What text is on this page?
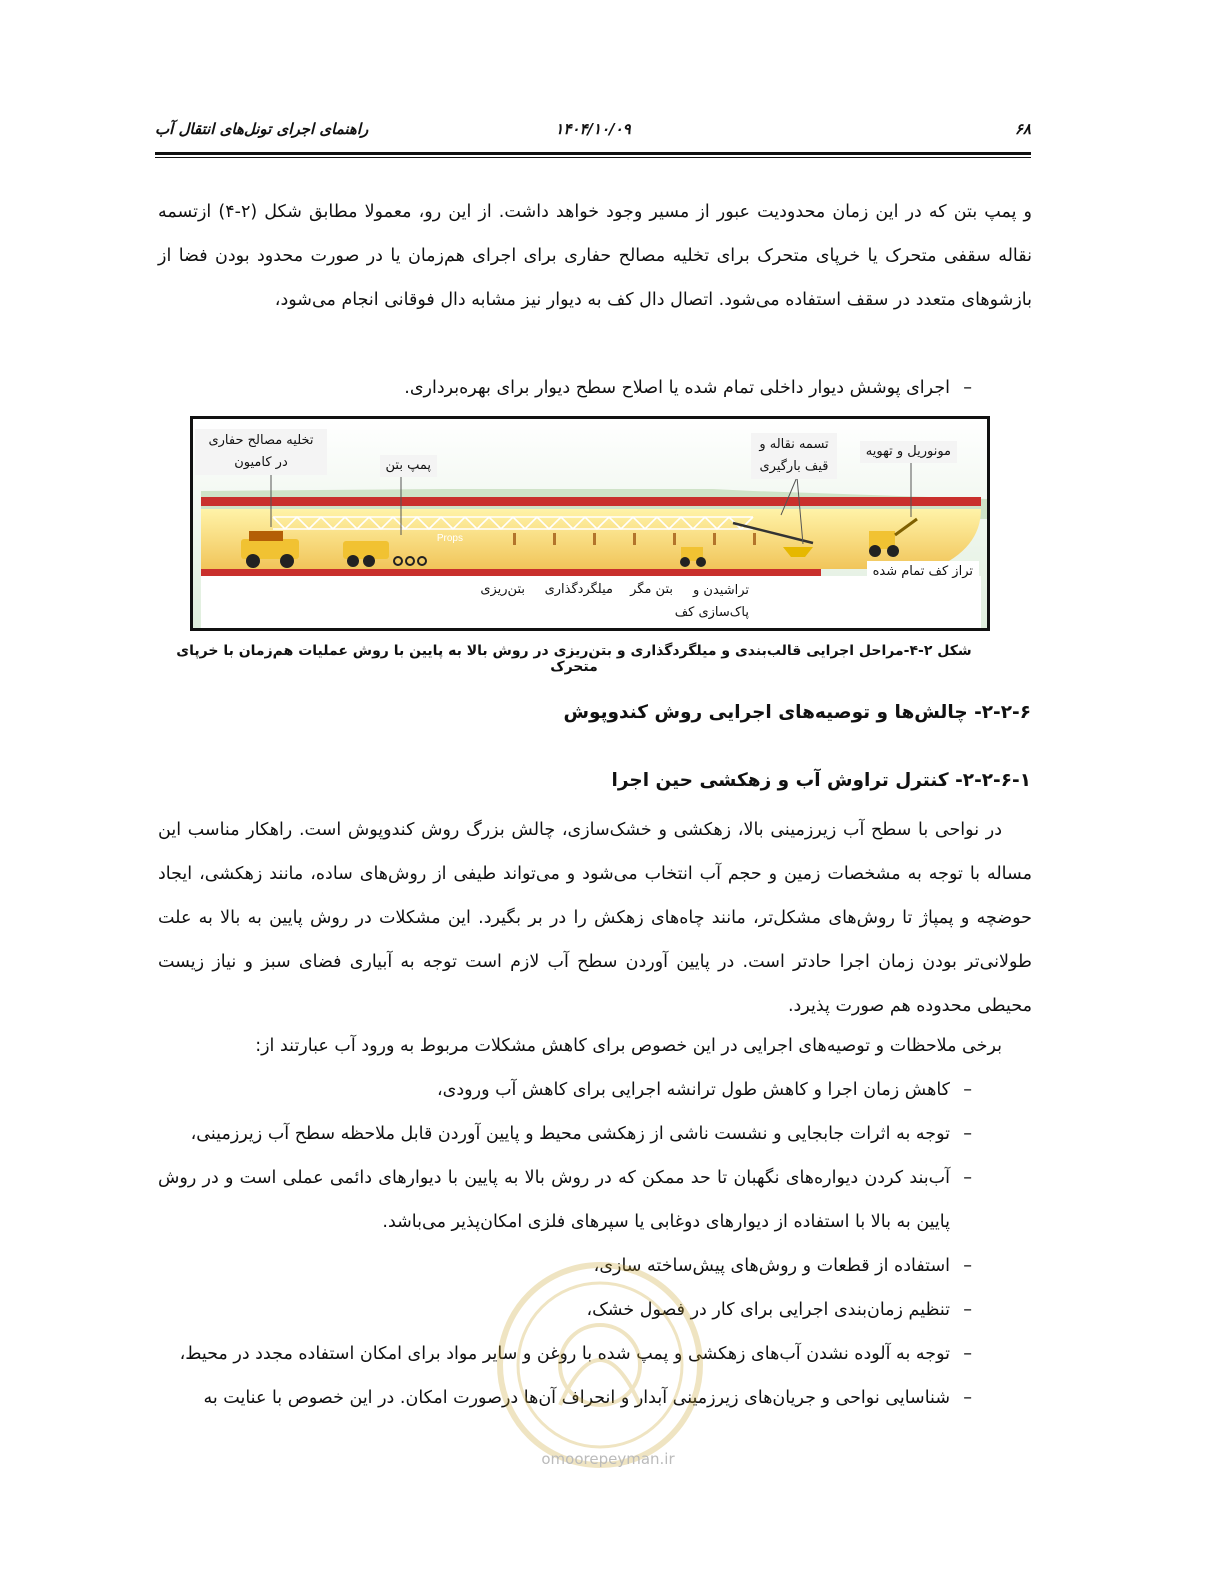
۶۸
۱۴۰۴/۱۰/۰۹
راهنمای اجرای تونل‌های انتقال آب

و پمپ بتن که در این زمان محدودیت عبور از مسیر وجود خواهد داشت. از این رو، معمولا مطابق شکل (۲-۴) ازتسمه نقاله سقفی متحرک یا خرپای متحرک برای تخلیه مصالح حفاری برای اجرای هم‌زمان یا در صورت محدود بودن فضا از بازشوهای متعدد در سقف استفاده می‌شود. اتصال دال کف به دیوار نیز مشابه دال فوقانی انجام می‌شود،

–
اجرای پوشش دیوار داخلی تمام شده یا اصلاح سطح دیوار برای بهره‌برداری.
Props
تخلیه مصالح حفاری در کامیون	پمپ بتن
تسمه نقاله و قیف بارگیری
مونوریل و تهویه
تراز کف تمام شده
تراشیدن و پاک‌سازی کف
بتن مگر
میلگردگذاری
بتن‌ریزی
شکل ۲-۴-مراحل اجرایی قالب‌بندی و میلگردگذاری و بتن‌ریزی در روش بالا به پایین با روش عملیات هم‌زمان با خرپای متحرک
۲-۲-۶- چالش‌ها و توصیه‌های اجرایی روش کندوپوش
۲-۲-۶-۱- کنترل تراوش آب و زهکشی حین اجرا

در نواحی با سطح آب زیرزمینی بالا، زهکشی و خشک‌سازی، چالش بزرگ روش کندوپوش است. راهکار مناسب این مساله با توجه به مشخصات زمین و حجم آب انتخاب می‌شود و می‌تواند طیفی از روش‌های ساده، مانند زهکشی، ایجاد حوضچه و پمپاژ تا روش‌های مشکل‌تر، مانند چاه‌های زهکش را در بر بگیرد. این مشکلات در روش پایین به بالا به علت طولانی‌تر بودن زمان اجرا حادتر است. در پایین آوردن سطح آب لازم است توجه به آبیاری فضای سبز و نیاز زیست محیطی محدوده هم صورت پذیرد.

برخی ملاحظات و توصیه‌های اجرایی در این خصوص برای کاهش مشکلات مربوط به ورود آب عبارتند از:

–
کاهش زمان اجرا و کاهش طول ترانشه اجرایی برای کاهش آب ورودی،
–
توجه به اثرات جابجایی و نشست ناشی از زهکشی محیط و پایین آوردن قابل ملاحظه سطح آب زیرزمینی،
–
آب‌بند کردن دیواره‌های نگهبان تا حد ممکن که در روش بالا به پایین با دیوارهای دائمی عملی است و در روش پایین به بالا با استفاده از دیوارهای دوغابی یا سپرهای فلزی امکان‌پذیر می‌باشد.
–
استفاده از قطعات و روش‌های پیش‌ساخته سازی،
–
تنظیم زمان‌بندی اجرایی برای کار در فصول خشک،
–
توجه به آلوده نشدن آب‌های زهکشی و پمپ شده با روغن و سایر مواد برای امکان استفاده مجدد در محیط،
–
شناسایی نواحی و جریان‌های زیرزمینی آبدار و انحراف آن‌ها درصورت امکان. در این خصوص با عنایت به
omoorepeyman.ir
